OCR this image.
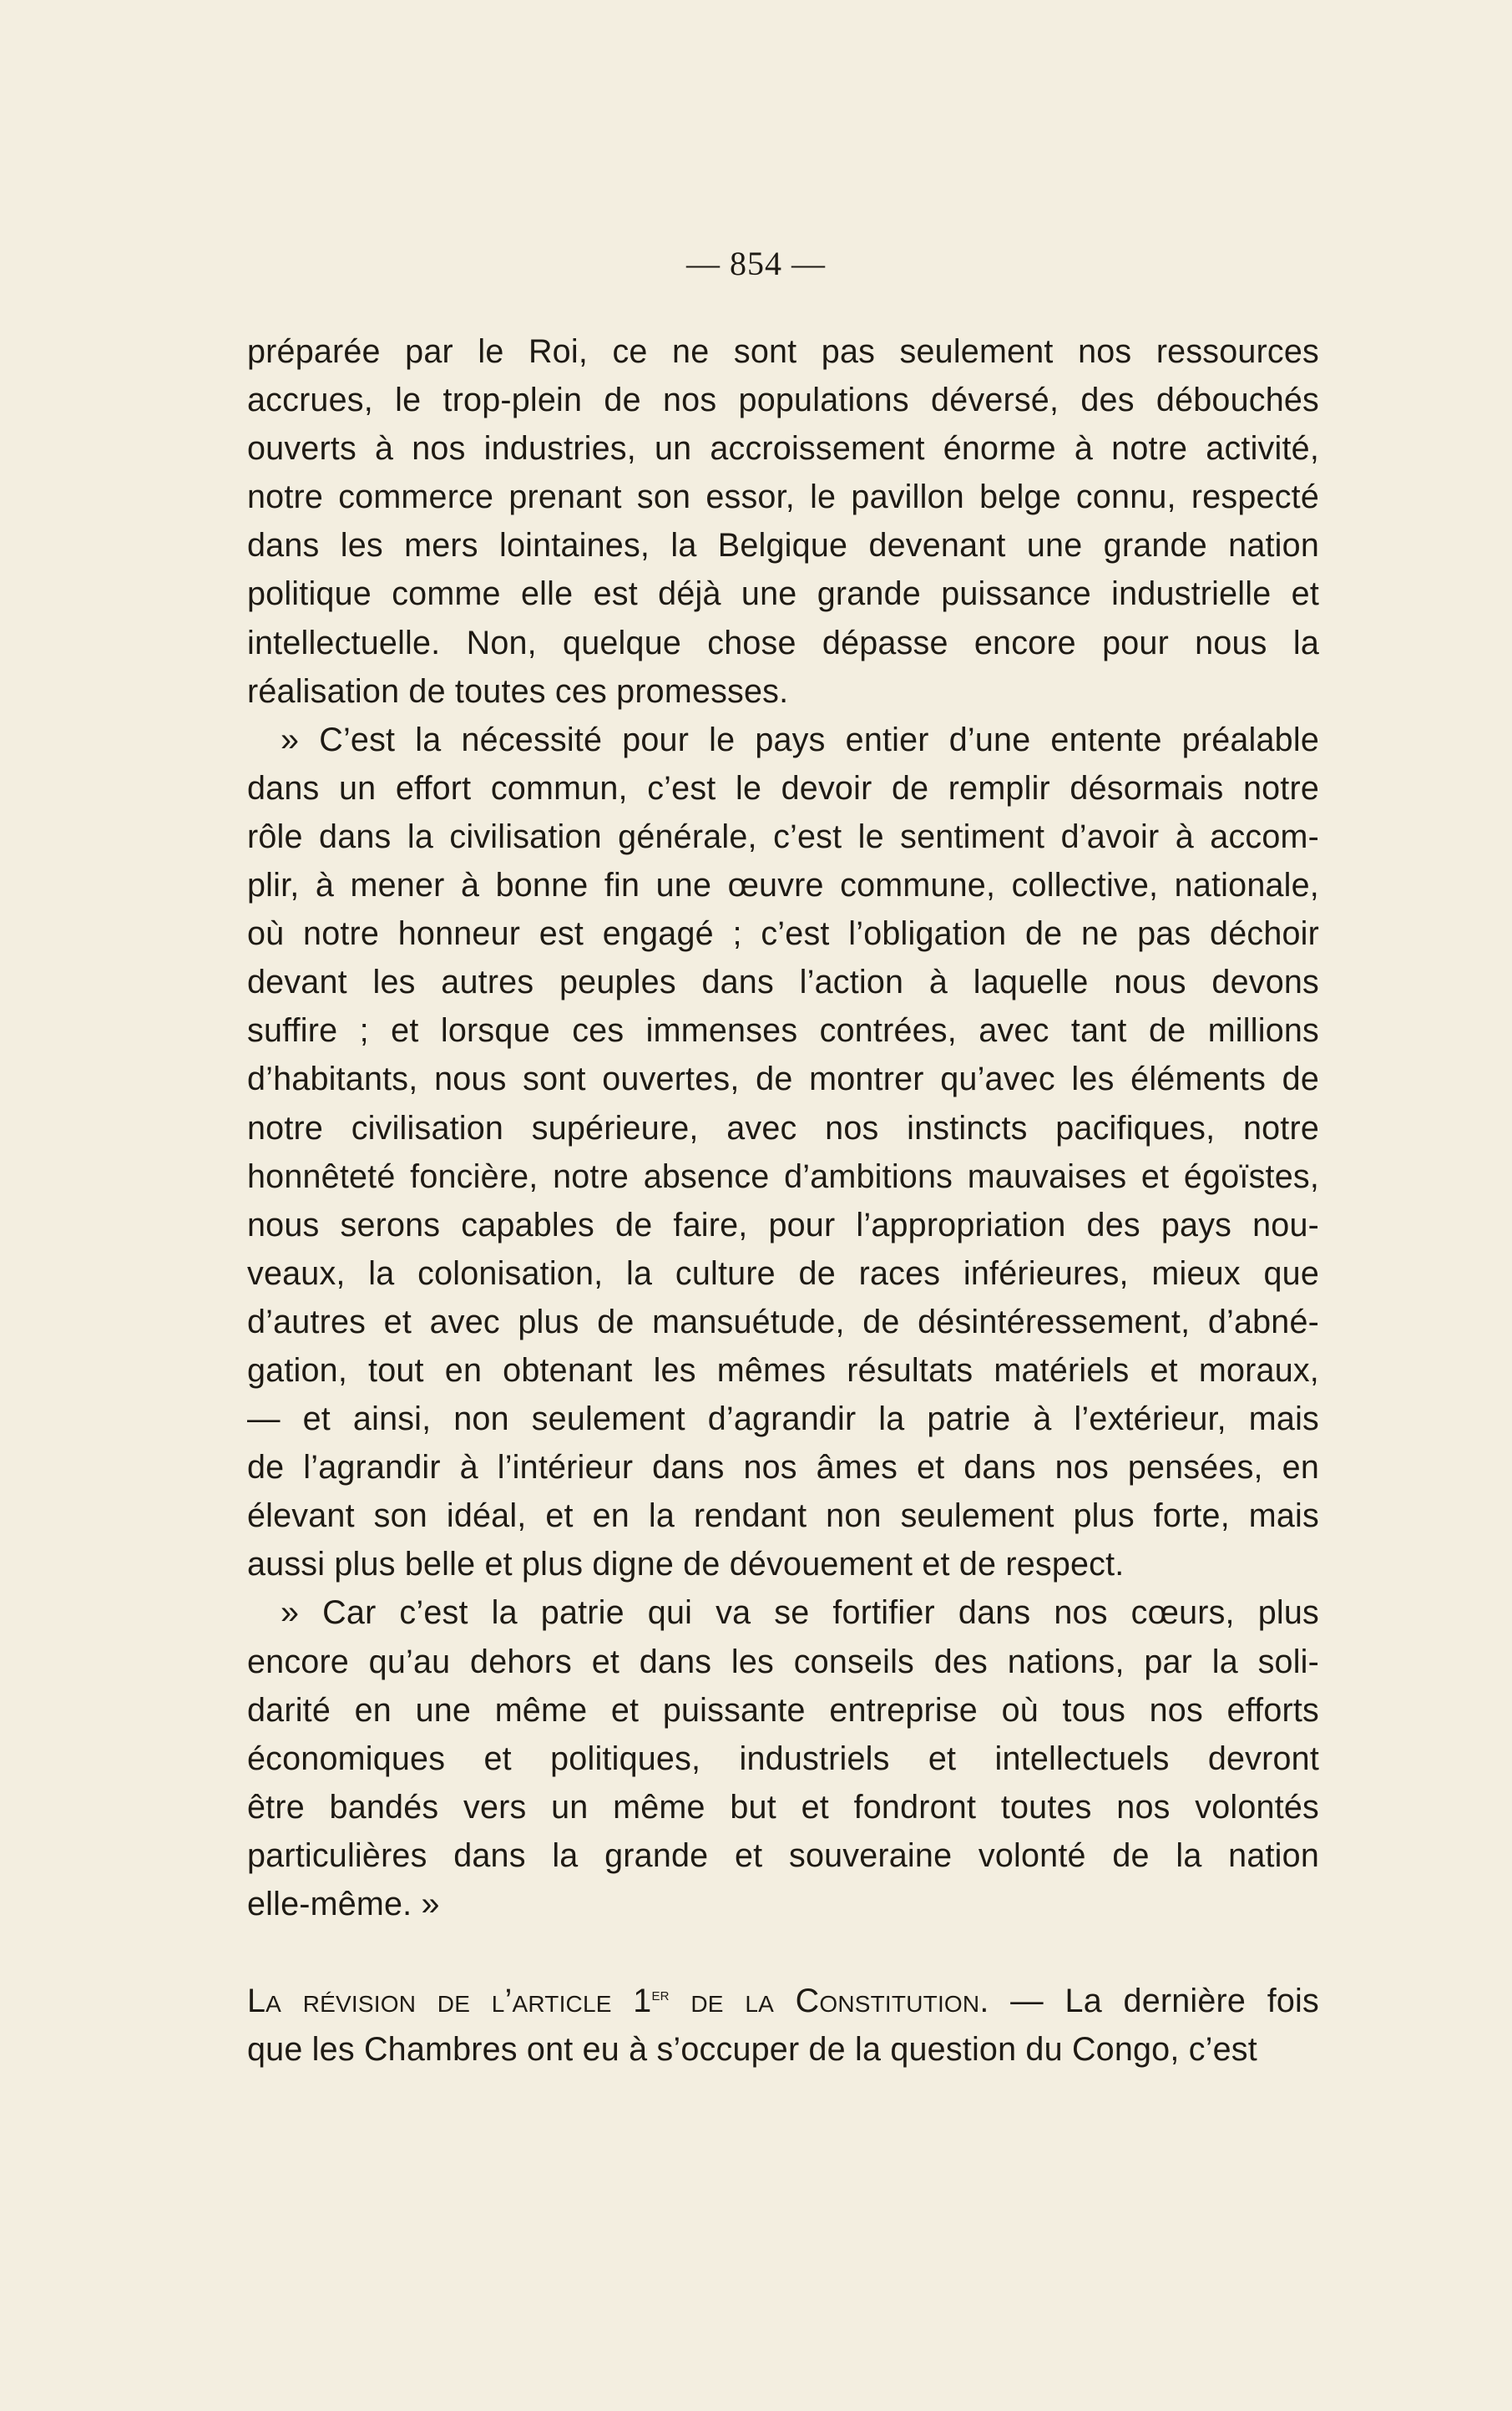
— 854 —
préparée par le Roi, ce ne sont pas seulement nos ressources
accrues, le trop-plein de nos populations déversé, des débouchés
ouverts à nos industries, un accroissement énorme à notre activité,
notre commerce prenant son essor, le pavillon belge connu, respecté
dans les mers lointaines, la Belgique devenant une grande nation
politique comme elle est déjà une grande puissance industrielle et
intellectuelle. Non, quelque chose dépasse encore pour nous la
réalisation de toutes ces promesses.
» C’est la nécessité pour le pays entier d’une entente préalable
dans un effort commun, c’est le devoir de remplir désormais notre
rôle dans la civilisation générale, c’est le sentiment d’avoir à accom-
plir, à mener à bonne fin une œuvre commune, collective, nationale,
où notre honneur est engagé ; c’est l’obligation de ne pas déchoir
devant les autres peuples dans l’action à laquelle nous devons
suffire ; et lorsque ces immenses contrées, avec tant de millions
d’habitants, nous sont ouvertes, de montrer qu’avec les éléments de
notre civilisation supérieure, avec nos instincts pacifiques, notre
honnêteté foncière, notre absence d’ambitions mauvaises et égoïstes,
nous serons capables de faire, pour l’appropriation des pays nou-
veaux, la colonisation, la culture de races inférieures, mieux que
d’autres et avec plus de mansuétude, de désintéressement, d’abné-
gation, tout en obtenant les mêmes résultats matériels et moraux,
— et ainsi, non seulement d’agrandir la patrie à l’extérieur, mais
de l’agrandir à l’intérieur dans nos âmes et dans nos pensées, en
élevant son idéal, et en la rendant non seulement plus forte, mais
aussi plus belle et plus digne de dévouement et de respect.
» Car c’est la patrie qui va se fortifier dans nos cœurs, plus
encore qu’au dehors et dans les conseils des nations, par la soli-
darité en une même et puissante entreprise où tous nos efforts
économiques et politiques, industriels et intellectuels devront
être bandés vers un même but et fondront toutes nos volontés
particulières dans la grande et souveraine volonté de la nation
elle-même. »
La révision de l’article 1er de la Constitution. — La dernière fois
que les Chambres ont eu à s’occuper de la question du Congo, c’est
